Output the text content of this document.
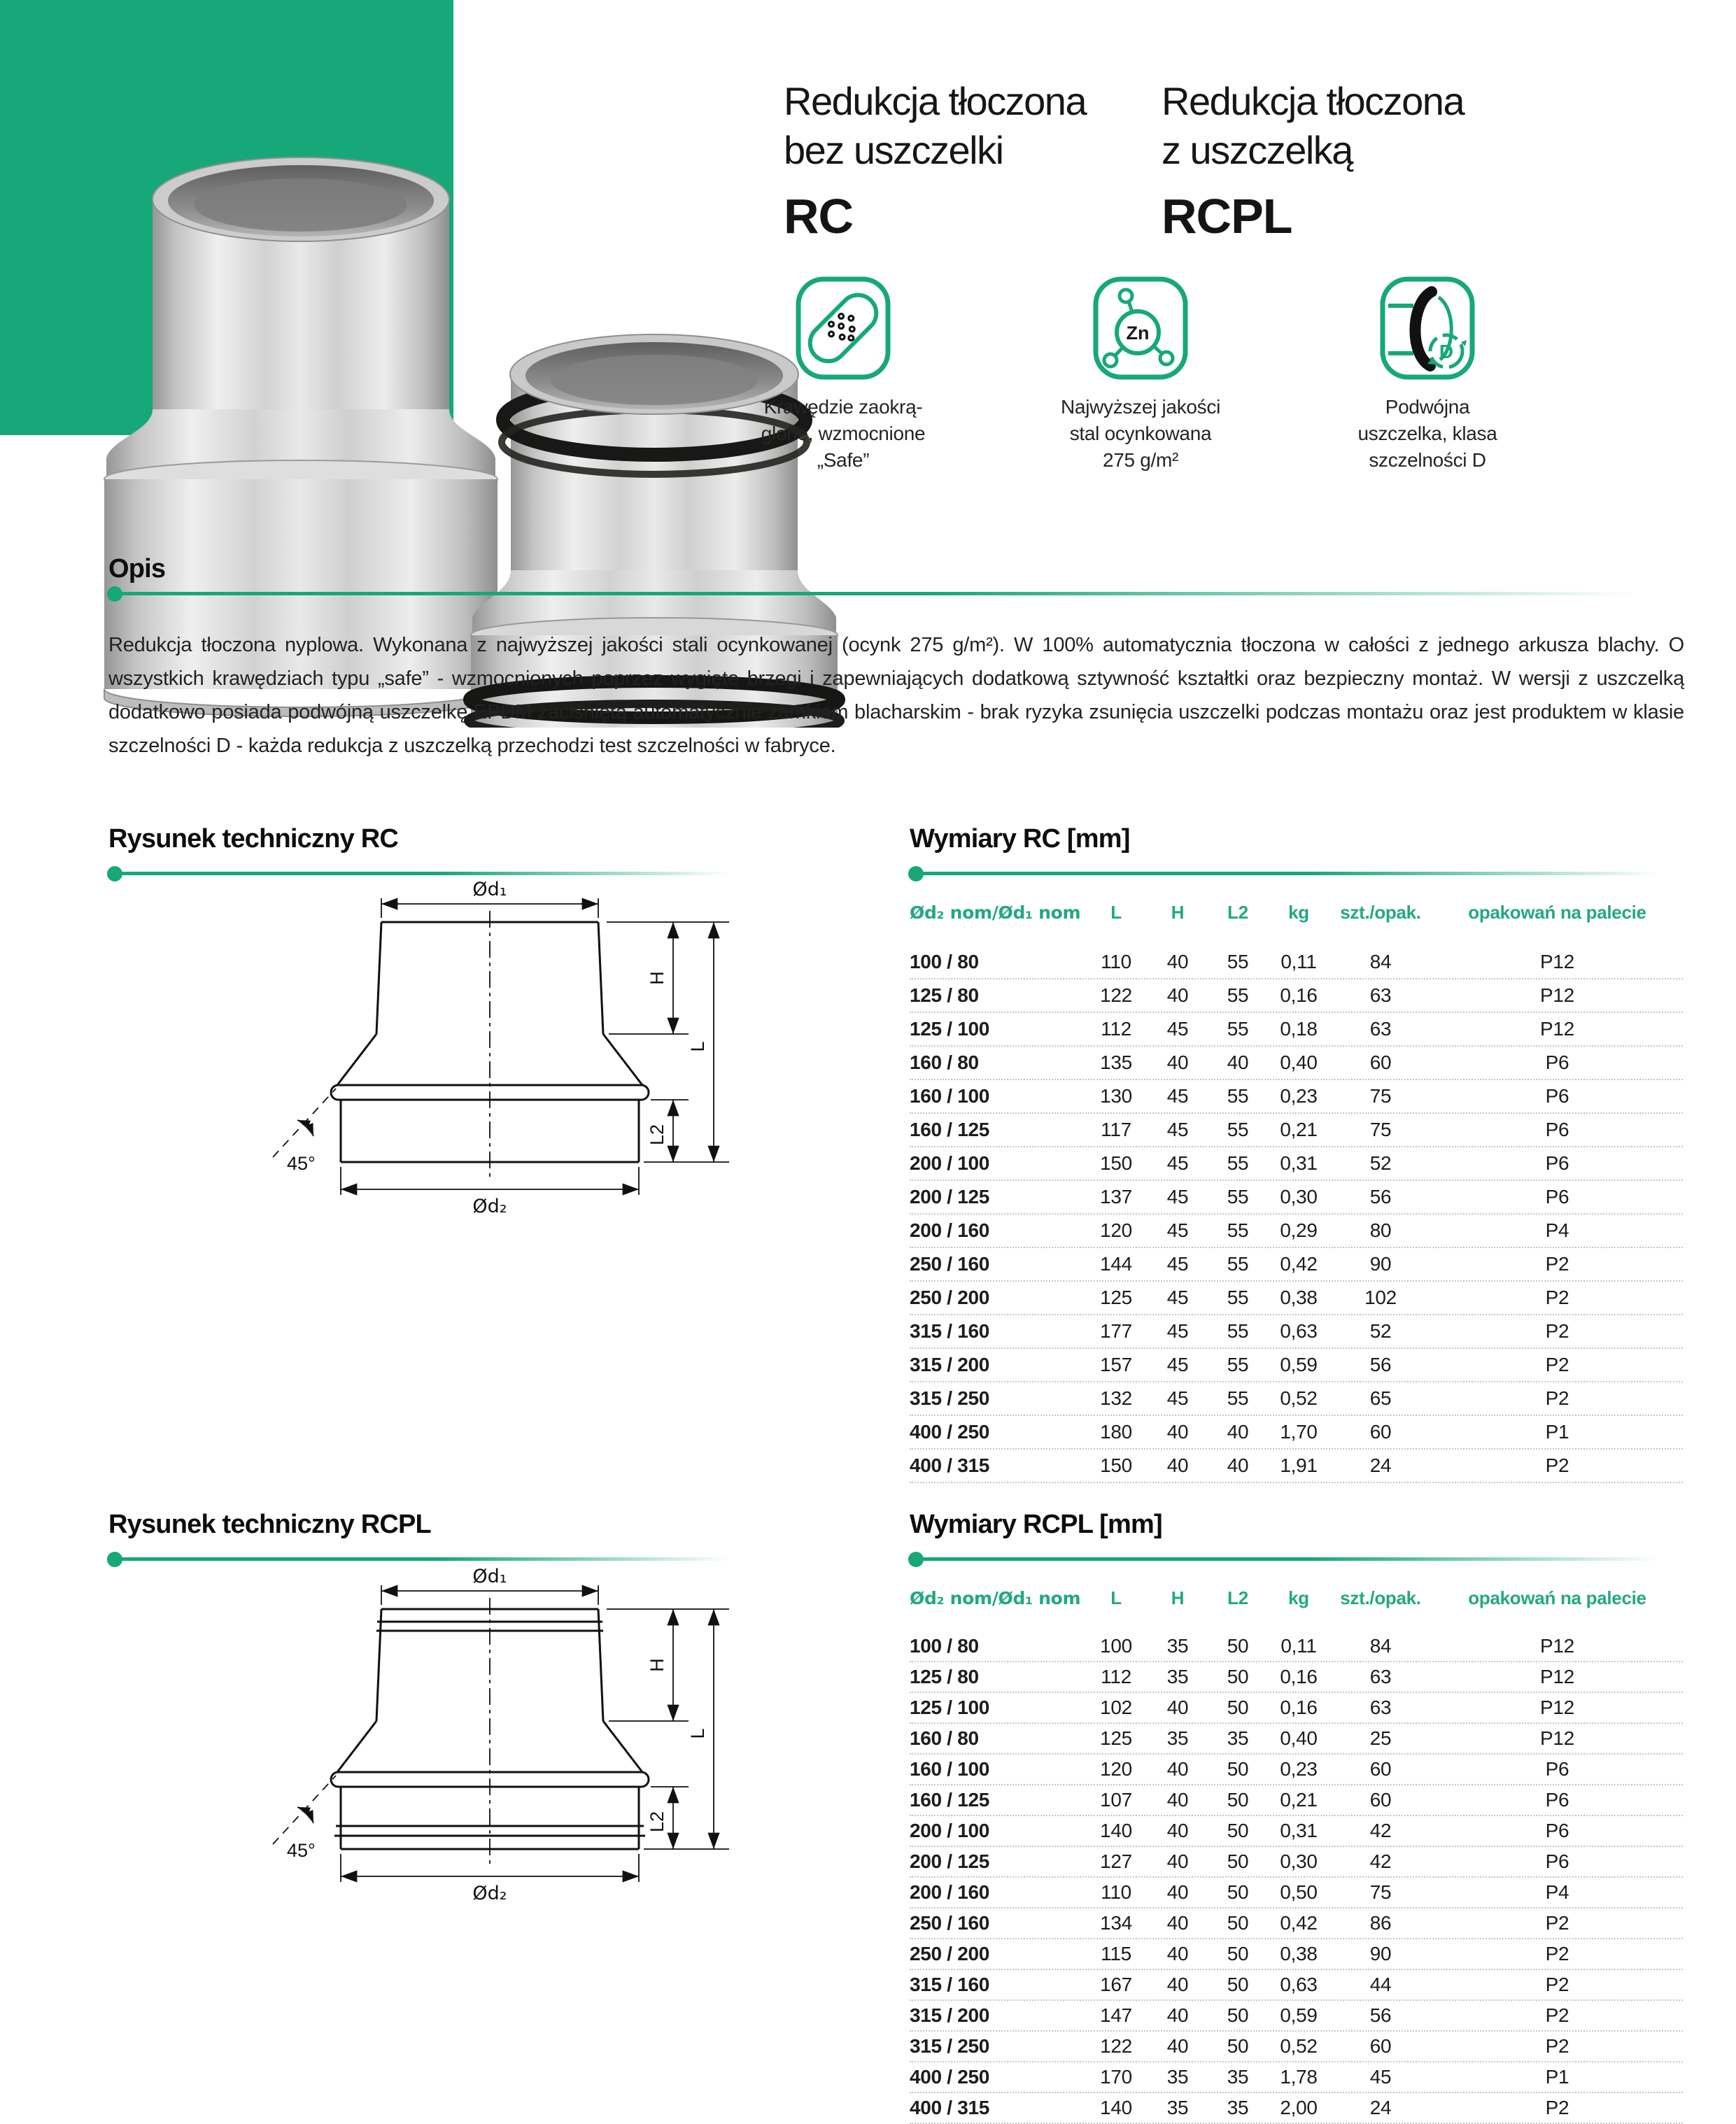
Redukcja tłoczona
bez uszczelki
RC
Redukcja tłoczona
z uszczelką
RCPL
Krawędzie zaokrą-
glone, wzmocnione
„Safe”
Zn
Najwyższej jakości
stal ocynkowana
275 g/m²
D
Podwójna
uszczelka, klasa
szczelności D
Opis
Redukcja tłoczona nyplowa. Wykonana z najwyższej jakości stali ocynkowanej (ocynk 275 g/m²). W 100% automatycznia tłoczona w całości z jednego arkusza blachy. O wszystkich krawędziach typu „safe” - wzmocnionych poprzez wygięte brzegi i zapewniających dodatkową sztywność kształtki oraz bezpieczny montaż. W wersji z uszczelką dodatkowo posiada podwójną uszczelkę EPDM zaciśniętą automatycznie zamkiem blacharskim - brak ryzyka zsunięcia uszczelki podczas montażu oraz jest produktem w klasie szczelności D - każda redukcja z uszczelką przechodzi test szczelności w fabryce.
Rysunek techniczny RC
Ød₁
H
L
L2
Ød₂
45°
Wymiary RC [mm]
Ød₂ nom/Ød₁ nom	L	H	L2	kg	szt./opak.	opakowań na palecie
100 / 80	110	40	55	0,11	84	P12
125 / 80	122	40	55	0,16	63	P12
125 / 100	112	45	55	0,18	63	P12
160 / 80	135	40	40	0,40	60	P6
160 / 100	130	45	55	0,23	75	P6
160 / 125	117	45	55	0,21	75	P6
200 / 100	150	45	55	0,31	52	P6
200 / 125	137	45	55	0,30	56	P6
200 / 160	120	45	55	0,29	80	P4
250 / 160	144	45	55	0,42	90	P2
250 / 200	125	45	55	0,38	102	P2
315 / 160	177	45	55	0,63	52	P2
315 / 200	157	45	55	0,59	56	P2
315 / 250	132	45	55	0,52	65	P2
400 / 250	180	40	40	1,70	60	P1
400 / 315	150	40	40	1,91	24	P2
Rysunek techniczny RCPL
Ød₁
H
L
L2
Ød₂
45°
Wymiary RCPL [mm]
Ød₂ nom/Ød₁ nom	L	H	L2	kg	szt./opak.	opakowań na palecie
100 / 80	100	35	50	0,11	84	P12
125 / 80	112	35	50	0,16	63	P12
125 / 100	102	40	50	0,16	63	P12
160 / 80	125	35	35	0,40	25	P12
160 / 100	120	40	50	0,23	60	P6
160 / 125	107	40	50	0,21	60	P6
200 / 100	140	40	50	0,31	42	P6
200 / 125	127	40	50	0,30	42	P6
200 / 160	110	40	50	0,50	75	P4
250 / 160	134	40	50	0,42	86	P2
250 / 200	115	40	50	0,38	90	P2
315 / 160	167	40	50	0,63	44	P2
315 / 200	147	40	50	0,59	56	P2
315 / 250	122	40	50	0,52	60	P2
400 / 250	170	35	35	1,78	45	P1
400 / 315	140	35	35	2,00	24	P2
